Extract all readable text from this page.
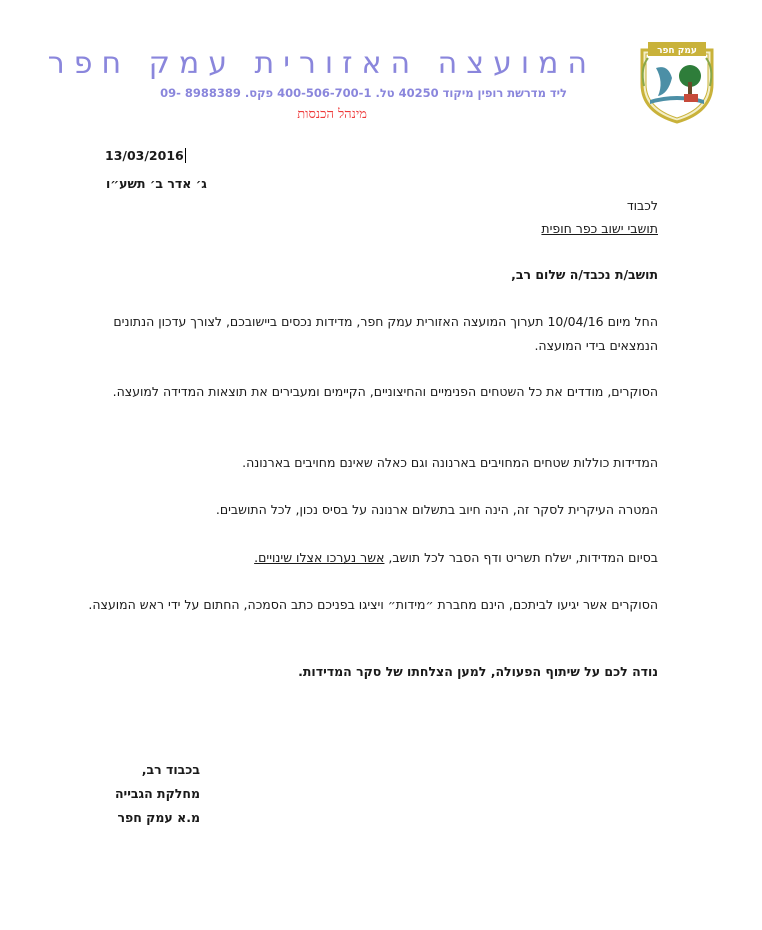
עמק חפר
המועצה האזורית עמק חפר
ליד מדרשת רופין מיקוד 40250 טל. 400-506-700-1 פקס. 8988389 -09
מינהל הכנסות
13/03/2016
ג׳ אדר ב׳ תשע״ו
לכבוד
תושבי ישוב כפר חופית
תושב/ת נכבד/ה שלום רב,
החל מיום 10/04/16 תערוך המועצה האזורית עמק חפר, מדידות נכסים ביישובכם, לצורך עדכון הנתונים הנמצאים בידי המועצה.
הסוקרים, מודדים את כל השטחים הפנימיים והחיצוניים, הקיימים ומעבירים את תוצאות המדידה למועצה.
המדידות כוללות שטחים המחויבים בארנונה וגם כאלה שאינם מחויבים בארנונה.
המטרה העיקרית לסקר זה, הינה חיוב בתשלום ארנונה על בסיס נכון, לכל התושבים.
בסיום המדידות, ישלח תשריט ודף הסבר לכל תושב, אשר נערכו אצלו שינויים.
הסוקרים אשר יגיעו לביתכם, הינם מחברת ״מידות״ ויציגו בפניכם כתב הסמכה, החתום על ידי ראש המועצה.
נודה לכם על שיתוף הפעולה, למען הצלחתו של סקר המדידות.
בכבוד רב,
מחלקת הגבייה
מ.א עמק חפר
